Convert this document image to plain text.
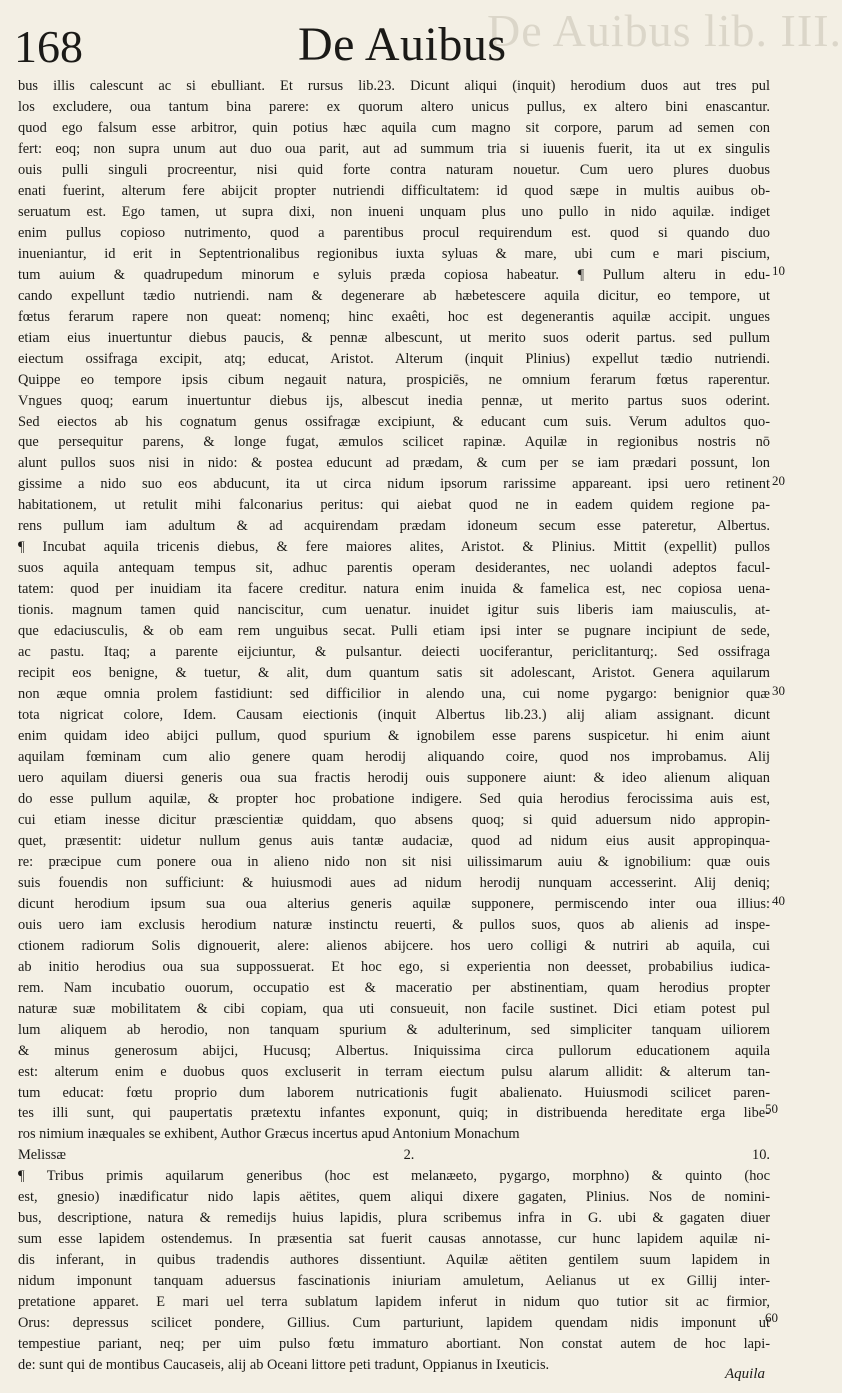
De Auibus lib. III.
168	De Auibus
bus illis calescunt ac si ebulliant. Et rursus lib.23. Dicunt aliqui (inquit) herodium duos aut tres pul
los excludere, oua tantum bina parere: ex quorum altero unicus pullus, ex altero bini enascantur.
quod ego falsum esse arbitror, quin potius hæc aquila cum magno sit corpore, parum ad semen con
fert: eoq; non supra unum aut duo oua parit, aut ad summum tria si iuuenis fuerit, ita ut ex singulis
ouis pulli singuli procreentur, nisi quid forte contra naturam nouetur. Cum uero plures duobus
enati fuerint, alterum fere abijcit propter nutriendi difficultatem: id quod sæpe in multis auibus ob-
seruatum est. Ego tamen, ut supra dixi, non inueni unquam plus uno pullo in nido aquilæ. indiget
enim pullus copioso nutrimento, quod a parentibus procul requirendum est. quod si quando duo
inueniantur, id erit in Septentrionalibus regionibus iuxta syluas & mare, ubi cum e mari piscium,
tum auium & quadrupedum minorum e syluis præda copiosa habeatur. ¶ Pullum alteru in edu-
cando expellunt tædio nutriendi. nam & degenerare ab hæbetescere aquila dicitur, eo tempore, ut
fœtus ferarum rapere non queat: nomenq; hinc exaêti, hoc est degenerantis aquilæ accipit. ungues
etiam eius inuertuntur diebus paucis, & pennæ albescunt, ut merito suos oderit partus. sed pullum
eiectum ossifraga excipit, atq; educat, Aristot. Alterum (inquit Plinius) expellut tædio nutriendi.
Quippe eo tempore ipsis cibum negauit natura, prospiciēs, ne omnium ferarum fœtus raperentur.
Vngues quoq; earum inuertuntur diebus ijs, albescut inedia pennæ, ut merito partus suos oderint.
Sed eiectos ab his cognatum genus ossifragæ excipiunt, & educant cum suis. Verum adultos quo-
que persequitur parens, & longe fugat, æmulos scilicet rapinæ. Aquilæ in regionibus nostris nō
alunt pullos suos nisi in nido: & postea educunt ad prædam, & cum per se iam prædari possunt, lon
gissime a nido suo eos abducunt, ita ut circa nidum ipsorum rarissime appareant. ipsi uero retinent
habitationem, ut retulit mihi falconarius peritus: qui aiebat quod ne in eadem quidem regione pa-
rens pullum iam adultum & ad acquirendam prædam idoneum secum esse pateretur, Albertus.
¶ Incubat aquila tricenis diebus, & fere maiores alites, Aristot. & Plinius. Mittit (expellit) pullos
suos aquila antequam tempus sit, adhuc parentis operam desiderantes, nec uolandi adeptos facul-
tatem: quod per inuidiam ita facere creditur. natura enim inuida & famelica est, nec copiosa uena-
tionis. magnum tamen quid nanciscitur, cum uenatur. inuidet igitur suis liberis iam maiusculis, at-
que edaciusculis, & ob eam rem unguibus secat. Pulli etiam ipsi inter se pugnare incipiunt de sede,
ac pastu. Itaq; a parente eijciuntur, & pulsantur. deiecti uociferantur, periclitanturq;. Sed ossifraga
recipit eos benigne, & tuetur, & alit, dum quantum satis sit adolescant, Aristot. Genera aquilarum
non æque omnia prolem fastidiunt: sed difficilior in alendo una, cui nome pygargo: benignior quæ
tota nigricat colore, Idem. Causam eiectionis (inquit Albertus lib.23.) alij aliam assignant. dicunt
enim quidam ideo abijci pullum, quod spurium & ignobilem esse parens suspicetur. hi enim aiunt
aquilam fœminam cum alio genere quam herodij aliquando coire, quod nos improbamus. Alij
uero aquilam diuersi generis oua sua fractis herodij ouis supponere aiunt: & ideo alienum aliquan
do esse pullum aquilæ, & propter hoc probatione indigere. Sed quia herodius ferocissima auis est,
cui etiam inesse dicitur præscientiæ quiddam, quo absens quoq; si quid aduersum nido appropin-
quet, præsentit: uidetur nullum genus auis tantæ audaciæ, quod ad nidum eius ausit appropinqua-
re: præcipue cum ponere oua in alieno nido non sit nisi uilissimarum auiu & ignobilium: quæ ouis
suis fouendis non sufficiunt: & huiusmodi aues ad nidum herodij nunquam accesserint. Alij deniq;
dicunt herodium ipsum sua oua alterius generis aquilæ supponere, permiscendo inter oua illius:
ouis uero iam exclusis herodium naturæ instinctu reuerti, & pullos suos, quos ab alienis ad inspe-
ctionem radiorum Solis dignouerit, alere: alienos abijcere. hos uero colligi & nutriri ab aquila, cui
ab initio herodius oua sua suppossuerat. Et hoc ego, si experientia non deesset, probabilius iudica-
rem. Nam incubatio ouorum, occupatio est & maceratio per abstinentiam, quam herodius propter
naturæ suæ mobilitatem & cibi copiam, qua uti consueuit, non facile sustinet. Dici etiam potest pul
lum aliquem ab herodio, non tanquam spurium & adulterinum, sed simpliciter tanquam uiliorem
& minus generosum abijci, Hucusq; Albertus. Iniquissima circa pullorum educationem aquila
est: alterum enim e duobus quos excluserit in terram eiectum pulsu alarum allidit: & alterum tan-
tum educat: fœtu proprio dum laborem nutricationis fugit abalienato. Huiusmodi scilicet paren-
tes illi sunt, qui paupertatis prætextu infantes exponunt, quiq; in distribuenda hereditate erga libe-
ros nimium inæquales se exhibent, Author Græcus incertus apud Antonium Monachum
Melissæ 2. 10.
¶ Tribus primis aquilarum generibus (hoc est melanæeto, pygargo, morphno) & quinto (hoc
est, gnesio) inædificatur nido lapis aëtites, quem aliqui dixere gagaten, Plinius. Nos de nomini-
bus, descriptione, natura & remedijs huius lapidis, plura scribemus infra in G. ubi & gagaten diuer
sum esse lapidem ostendemus. In præsentia sat fuerit causas annotasse, cur hunc lapidem aquilæ ni-
dis inferant, in quibus tradendis authores dissentiunt. Aquilæ aëtiten gentilem suum lapidem in
nidum imponunt tanquam aduersus fascinationis iniuriam amuletum, Aelianus ut ex Gillij inter-
pretatione apparet. E mari uel terra sublatum lapidem inferut in nidum quo tutior sit ac firmior,
Orus: depressus scilicet pondere, Gillius. Cum parturiunt, lapidem quendam nidis imponunt ut
tempestiue pariant, neq; per uim pulso fœtu immaturo abortiant. Non constat autem de hoc lapi-
de: sunt qui de montibus Caucaseis, alij ab Oceani littore peti tradunt, Oppianus in Ixeuticis.
10
20
30
40
50
60
Aquila
